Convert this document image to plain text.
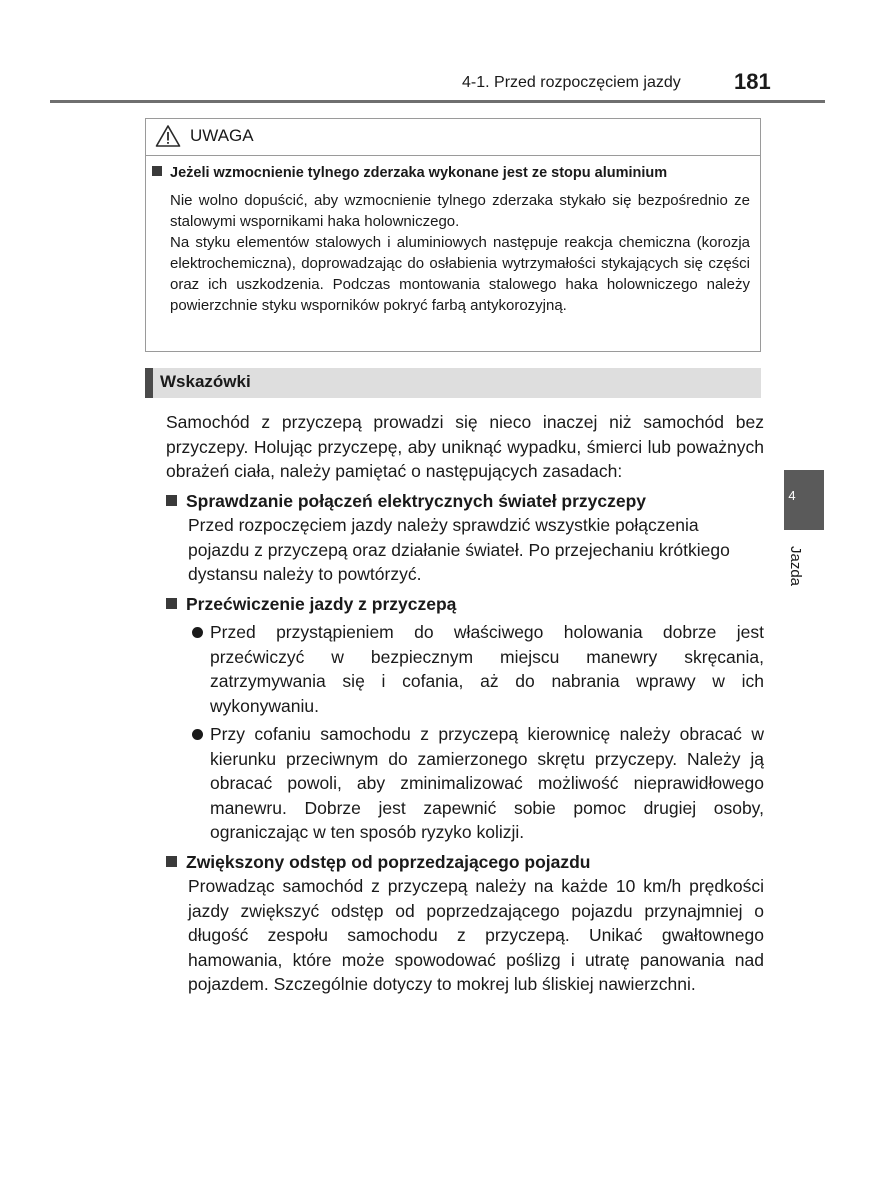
4-1. Przed rozpoczęciem jazdy 181
UWAGA
Jeżeli wzmocnienie tylnego zderzaka wykonane jest ze stopu aluminium

Nie wolno dopuścić, aby wzmocnienie tylnego zderzaka stykało się bezpośrednio ze stalowymi wspornikami haka holowniczego.

Na styku elementów stalowych i aluminiowych następuje reakcja chemiczna (korozja elektrochemiczna), doprowadzając do osłabienia wytrzymałości stykających się części oraz ich uszkodzenia. Podczas montowania stalowego haka holowniczego należy powierzchnie styku wsporników pokryć farbą antykorozyjną.

Wskazówki

Samochód z przyczepą prowadzi się nieco inaczej niż samochód bez przyczepy. Holując przyczepę, aby uniknąć wypadku, śmierci lub poważnych obrażeń ciała, należy pamiętać o następujących zasadach:

Sprawdzanie połączeń elektrycznych świateł przyczepy

Przed rozpoczęciem jazdy należy sprawdzić wszystkie połączenia pojazdu z przyczepą oraz działanie świateł. Po przejechaniu krótkiego dystansu należy to powtórzyć.

Przećwiczenie jazdy z przyczepą

Przed przystąpieniem do właściwego holowania dobrze jest przećwiczyć w bezpiecznym miejscu manewry skręcania, zatrzymywania się i cofania, aż do nabrania wprawy w ich wykonywaniu.

Przy cofaniu samochodu z przyczepą kierownicę należy obracać w kierunku przeciwnym do zamierzonego skrętu przyczepy. Należy ją obracać powoli, aby zminimalizować możliwość nieprawidłowego manewru. Dobrze jest zapewnić sobie pomoc drugiej osoby, ograniczając w ten sposób ryzyko kolizji.

Zwiększony odstęp od poprzedzającego pojazdu

Prowadząc samochód z przyczepą należy na każde 10 km/h prędkości jazdy zwiększyć odstęp od poprzedzającego pojazdu przynajmniej o długość zespołu samochodu z przyczepą. Unikać gwałtownego hamowania, które może spowodować poślizg i utratę panowania nad pojazdem. Szczególnie dotyczy to mokrej lub śliskiej nawierzchni.

4
Jazda
